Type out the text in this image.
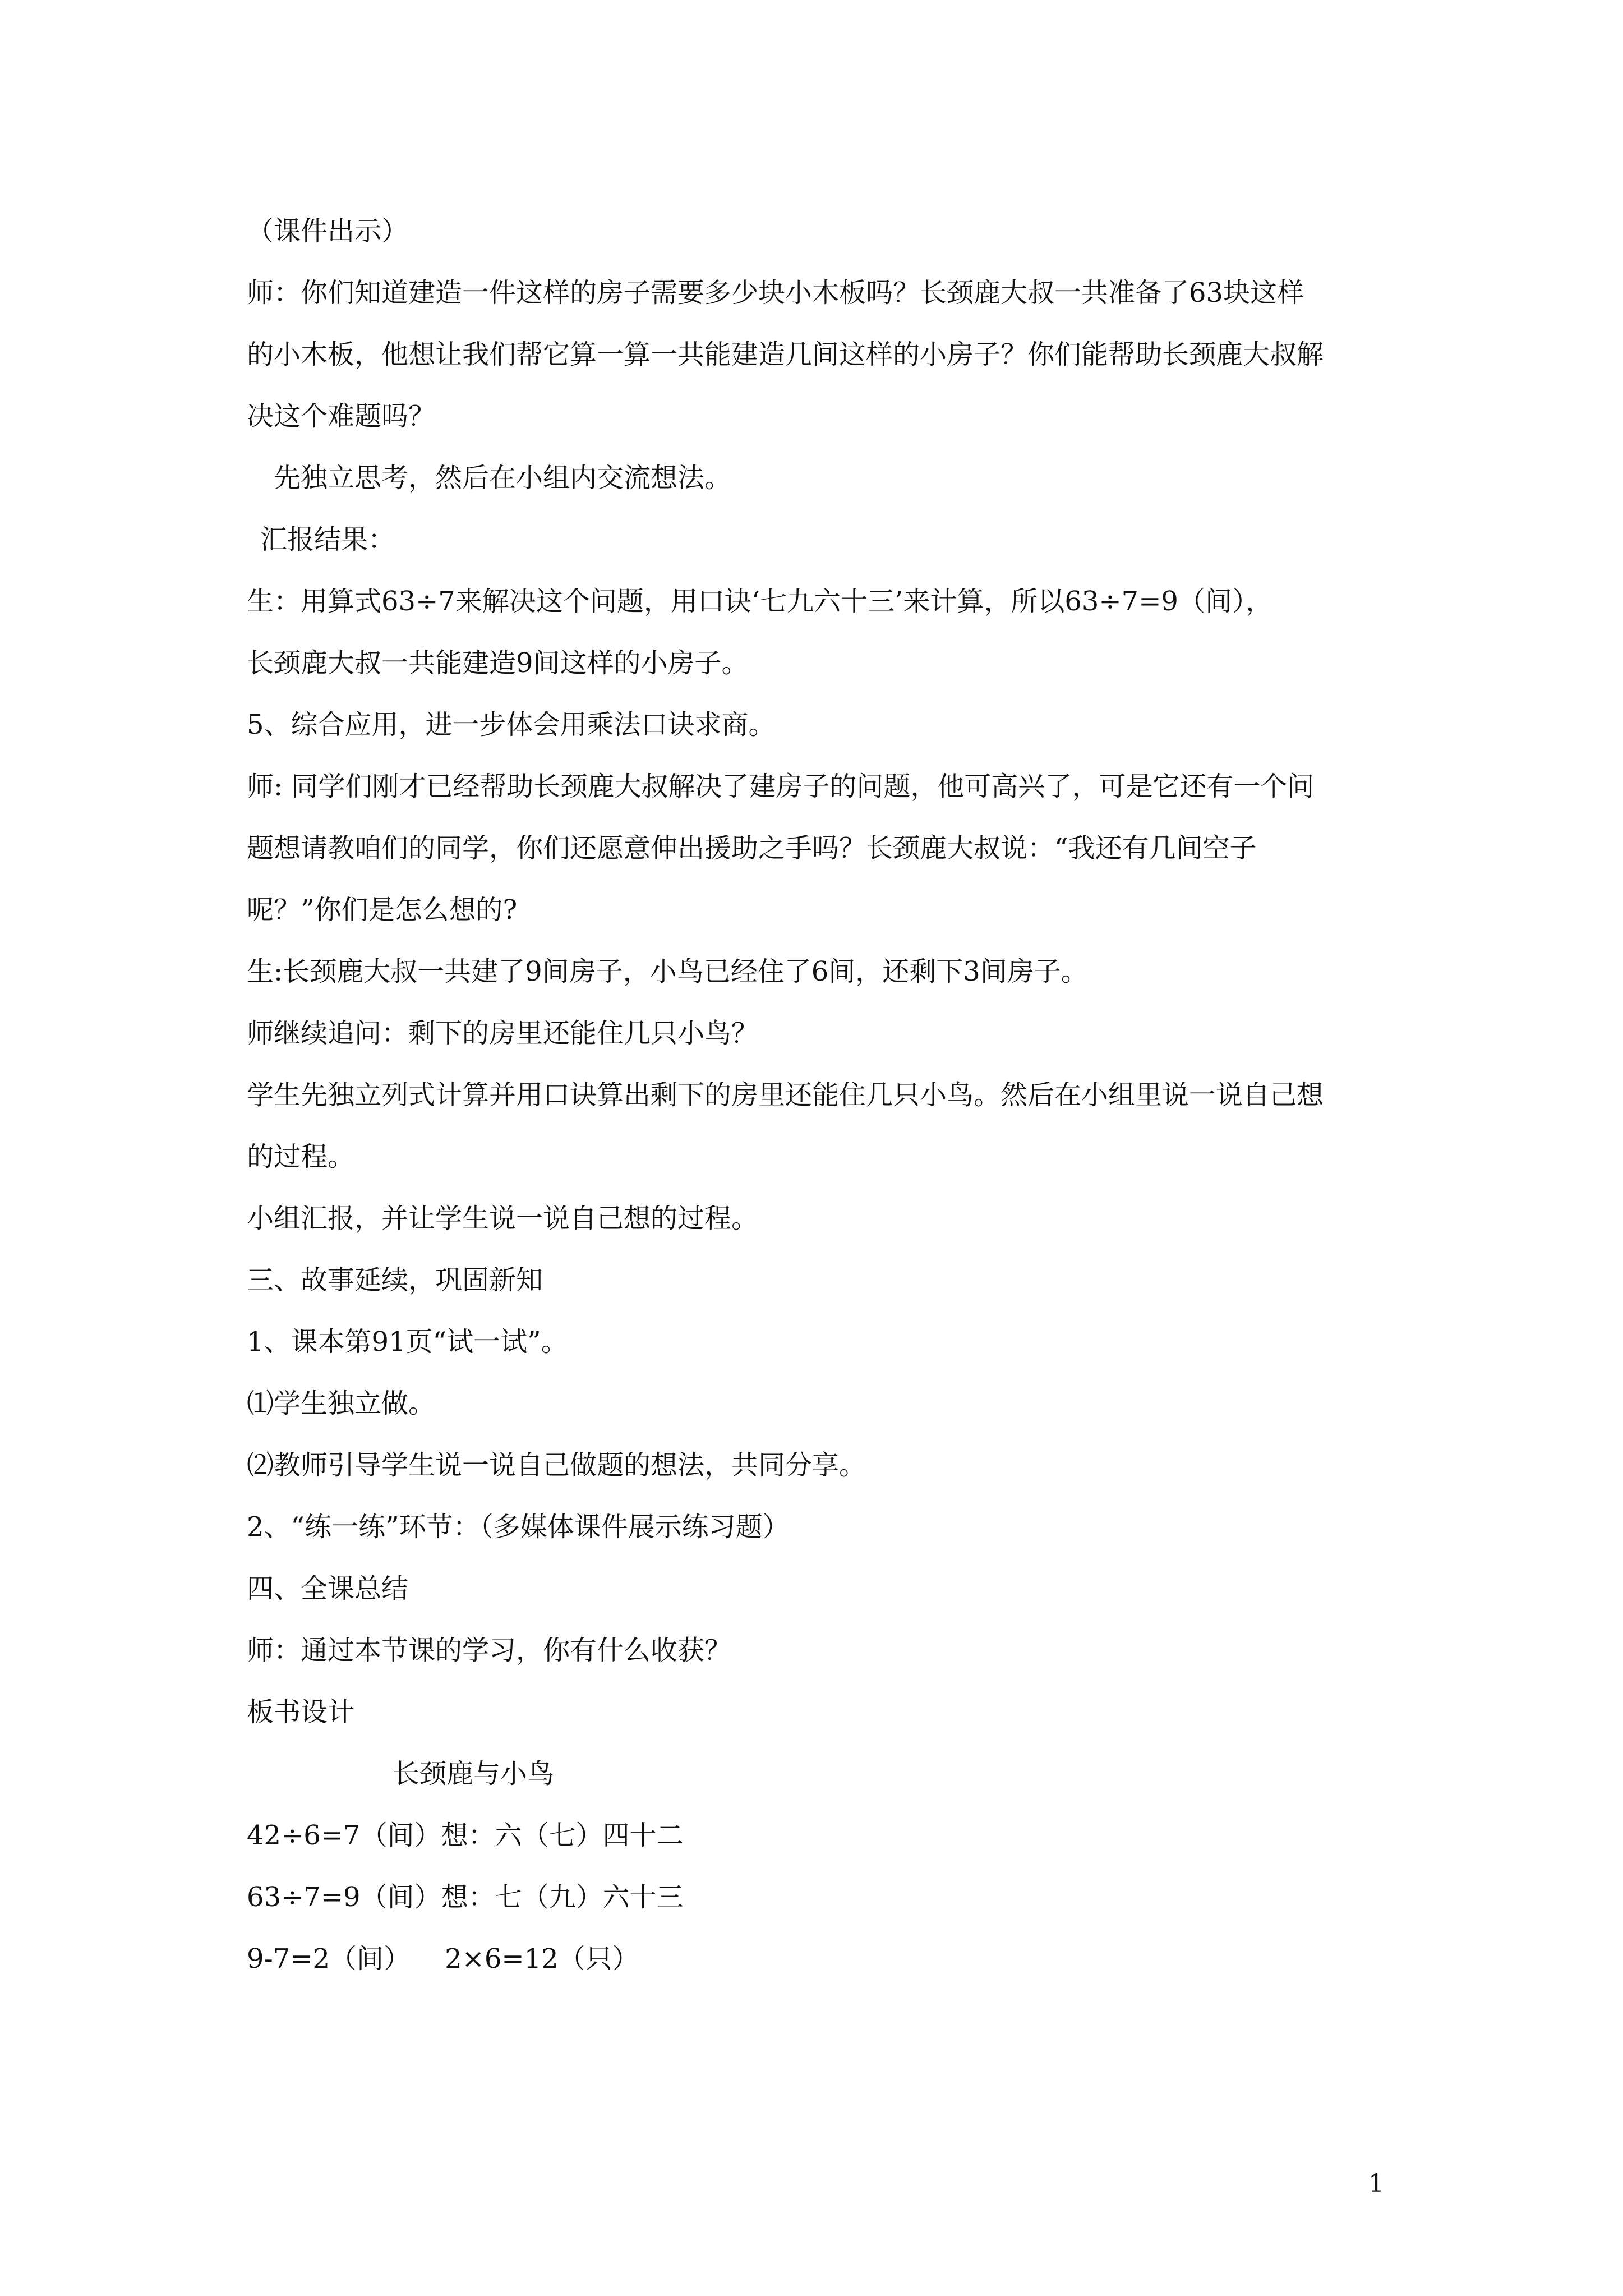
（课件出示）

师：你们知道建造一件这样的房子需要多少块小木板吗？长颈鹿大叔一共准备了63块这样

的小木板，他想让我们帮它算一算一共能建造几间这样的小房子？你们能帮助长颈鹿大叔解

决这个难题吗？

先独立思考，然后在小组内交流想法。

汇报结果：

生：用算式63÷7来解决这个问题，用口诀‘七九六十三’来计算，所以63÷7=9（间），

长颈鹿大叔一共能建造9间这样的小房子。

5、综合应用，进一步体会用乘法口诀求商。

师: 同学们刚才已经帮助长颈鹿大叔解决了建房子的问题，他可高兴了，可是它还有一个问

题想请教咱们的同学，你们还愿意伸出援助之手吗？长颈鹿大叔说：“我还有几间空子

呢？”你们是怎么想的?

生:长颈鹿大叔一共建了9间房子，小鸟已经住了6间，还剩下3间房子。

师继续追问：剩下的房里还能住几只小鸟？

学生先独立列式计算并用口诀算出剩下的房里还能住几只小鸟。然后在小组里说一说自己想

的过程。

小组汇报，并让学生说一说自己想的过程。

三、故事延续，巩固新知

1、课本第91页“试一试”。

⑴学生独立做。

⑵教师引导学生说一说自己做题的想法，共同分享。

2、“练一练”环节：（多媒体课件展示练习题）

四、全课总结

师：通过本节课的学习，你有什么收获？

板书设计

长颈鹿与小鸟

42÷6=7（间）想：六（七）四十二

63÷7=9（间）想：七（九）六十三

9-7=2（间）    2×6=12（只）

1
